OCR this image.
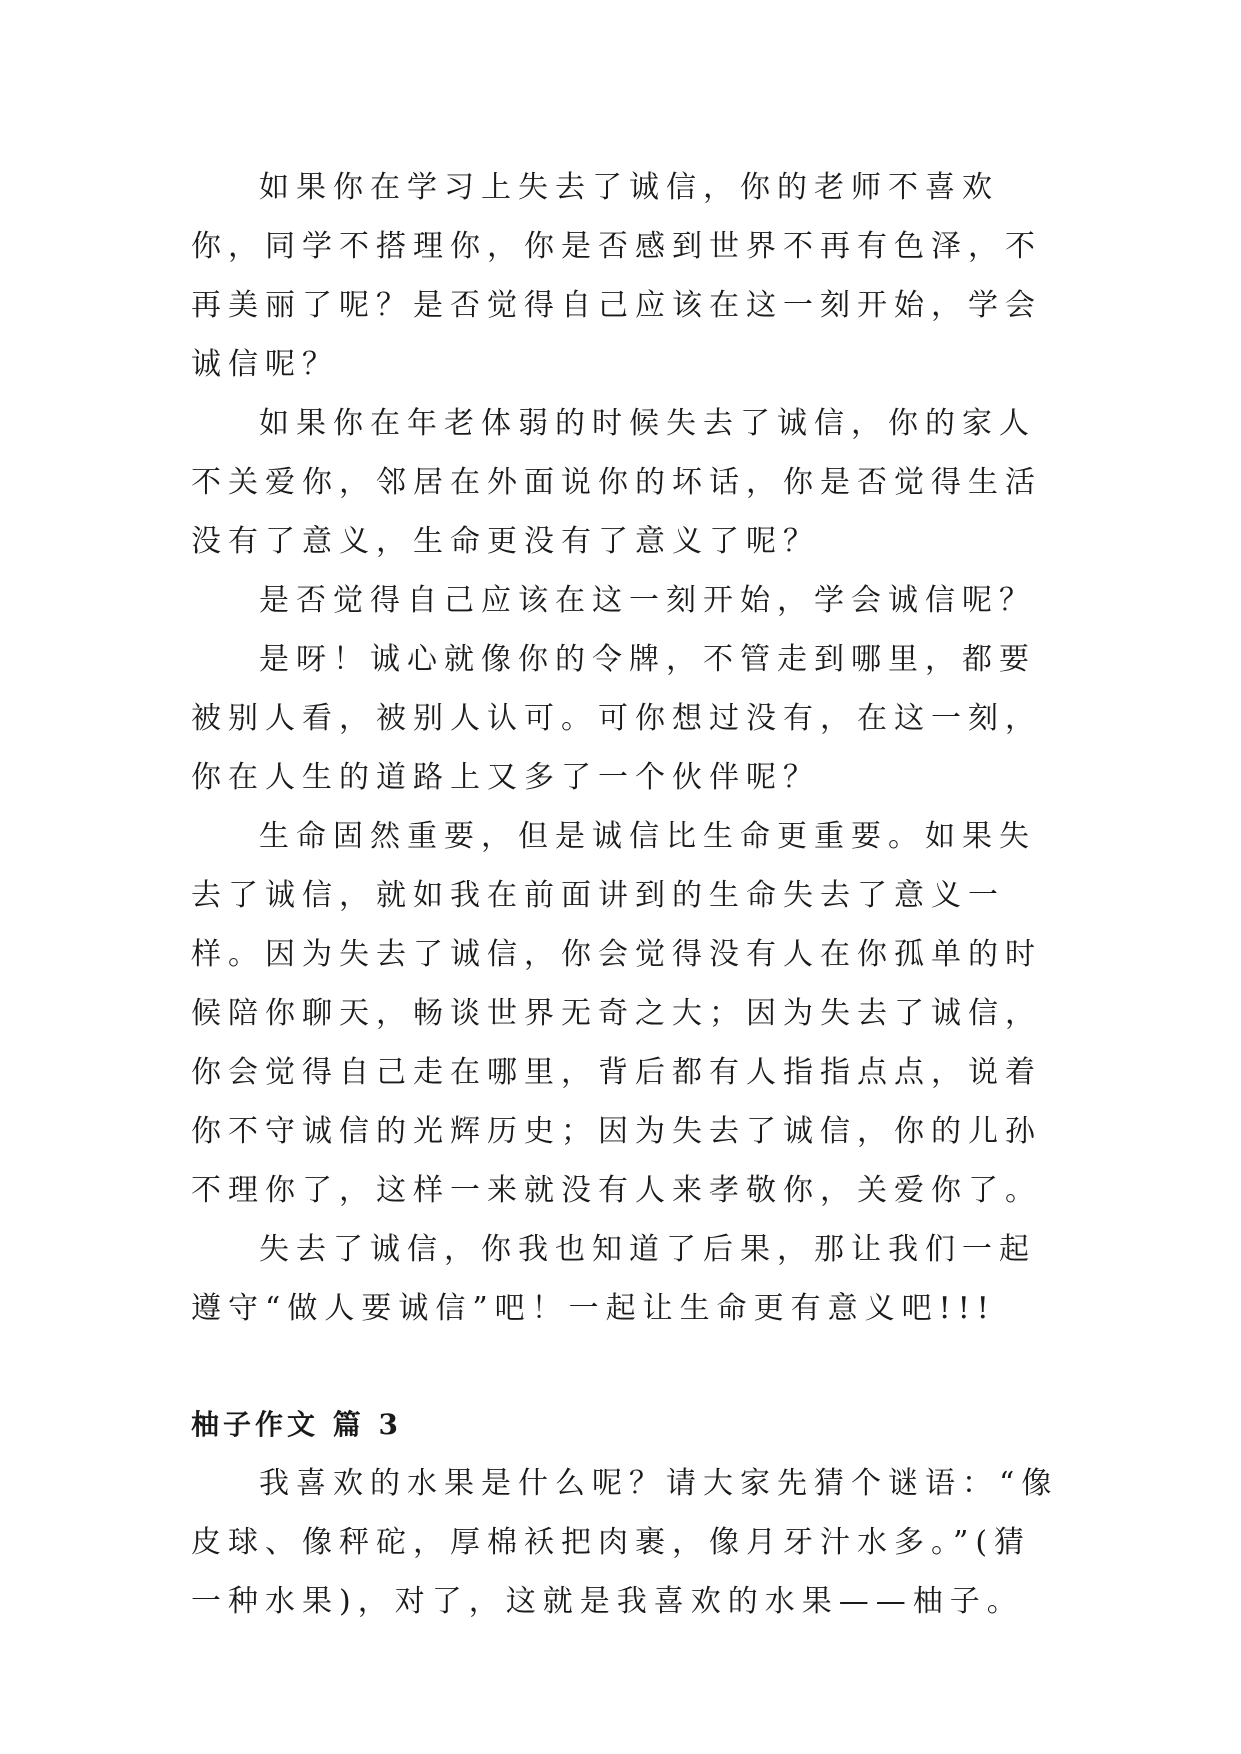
如果你在学习上失去了诚信，你的老师不喜欢你，同学不搭理你，你是否感到世界不再有色泽，不再美丽了呢？是否觉得自己应该在这一刻开始，学会诚信呢？

如果你在年老体弱的时候失去了诚信，你的家人不关爱你，邻居在外面说你的坏话，你是否觉得生活没有了意义，生命更没有了意义了呢？

是否觉得自己应该在这一刻开始，学会诚信呢？

是呀！诚心就像你的令牌，不管走到哪里，都要被别人看，被别人认可。可你想过没有，在这一刻，你在人生的道路上又多了一个伙伴呢？

生命固然重要，但是诚信比生命更重要。如果失去了诚信，就如我在前面讲到的生命失去了意义一样。因为失去了诚信，你会觉得没有人在你孤单的时候陪你聊天，畅谈世界无奇之大；因为失去了诚信，你会觉得自己走在哪里，背后都有人指指点点，说着你不守诚信的光辉历史；因为失去了诚信，你的儿孙不理你了，这样一来就没有人来孝敬你，关爱你了。

失去了诚信，你我也知道了后果，那让我们一起遵守“做人要诚信”吧！一起让生命更有意义吧!!!

柚子作文 篇 3

我喜欢的水果是什么呢？请大家先猜个谜语：“像皮球、像秤砣，厚棉袄把肉裹，像月牙汁水多。”(猜一种水果)，对了，这就是我喜欢的水果——柚子。
